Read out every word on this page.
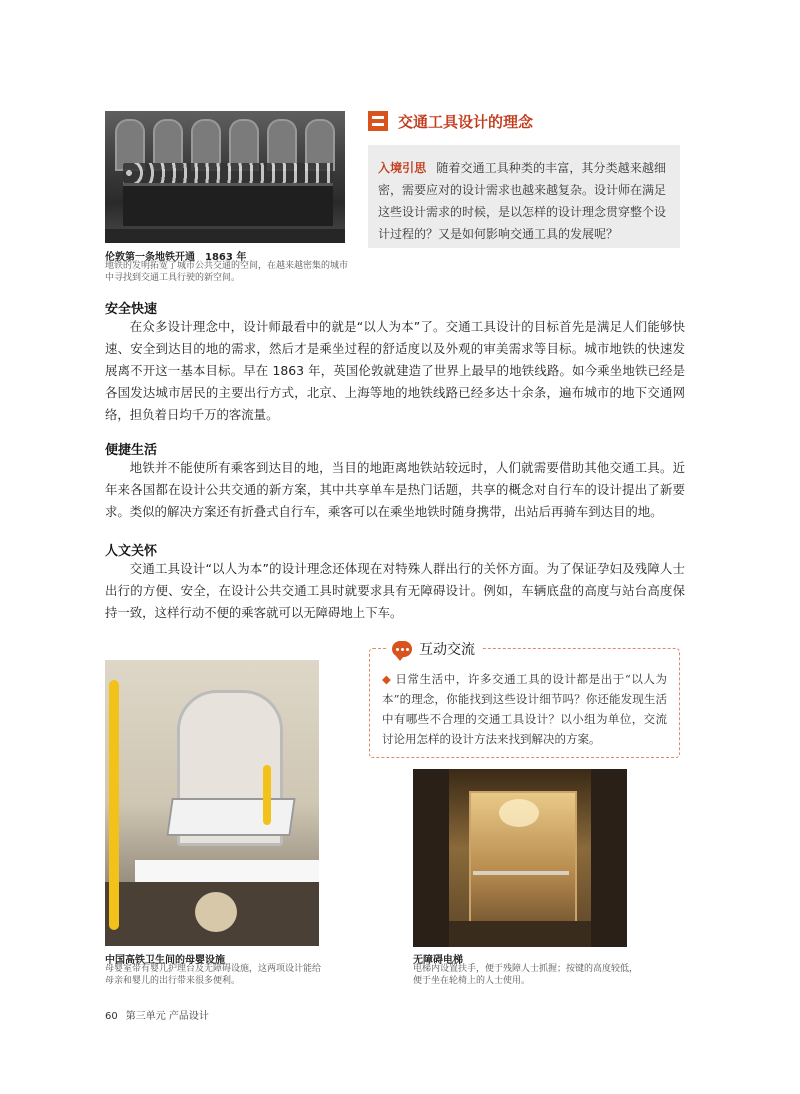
伦敦第一条地铁开通　1863 年
地铁的发明拓宽了城市公共交通的空间，在越来越密集的城市中寻找到交通工具行驶的新空间。
交通工具设计的理念
入境引思 随着交通工具种类的丰富，其分类越来越细密，需要应对的设计需求也越来越复杂。设计师在满足这些设计需求的时候，是以怎样的设计理念贯穿整个设计过程的？又是如何影响交通工具的发展呢？
安全快速
在众多设计理念中，设计师最看中的就是“以人为本”了。交通工具设计的目标首先是满足人们能够快速、安全到达目的地的需求，然后才是乘坐过程的舒适度以及外观的审美需求等目标。城市地铁的快速发展离不开这一基本目标。早在 1863 年，英国伦敦就建造了世界上最早的地铁线路。如今乘坐地铁已经是各国发达城市居民的主要出行方式，北京、上海等地的地铁线路已经多达十余条，遍布城市的地下交通网络，担负着日均千万的客流量。
便捷生活
地铁并不能使所有乘客到达目的地，当目的地距离地铁站较远时，人们就需要借助其他交通工具。近年来各国都在设计公共交通的新方案，其中共享单车是热门话题，共享的概念对自行车的设计提出了新要求。类似的解决方案还有折叠式自行车，乘客可以在乘坐地铁时随身携带，出站后再骑车到达目的地。
人文关怀
交通工具设计“以人为本”的设计理念还体现在对特殊人群出行的关怀方面。为了保证孕妇及残障人士出行的方便、安全，在设计公共交通工具时就要求具有无障碍设计。例如，车辆底盘的高度与站台高度保持一致，这样行动不便的乘客就可以无障碍地上下车。
◆ 日常生活中，许多交通工具的设计都是出于“以人为本”的理念，你能找到这些设计细节吗？你还能发现生活中有哪些不合理的交通工具设计？以小组为单位，交流讨论用怎样的设计方法来找到解决的方案。
互动交流
中国高铁卫生间的母婴设施
母婴室带有婴儿护理台及无障碍设施，这两项设计能给母亲和婴儿的出行带来很多便利。
无障碍电梯
电梯内设置扶手，便于残障人士抓握；按键的高度较低，便于坐在轮椅上的人士使用。
60 第三单元 产品设计
